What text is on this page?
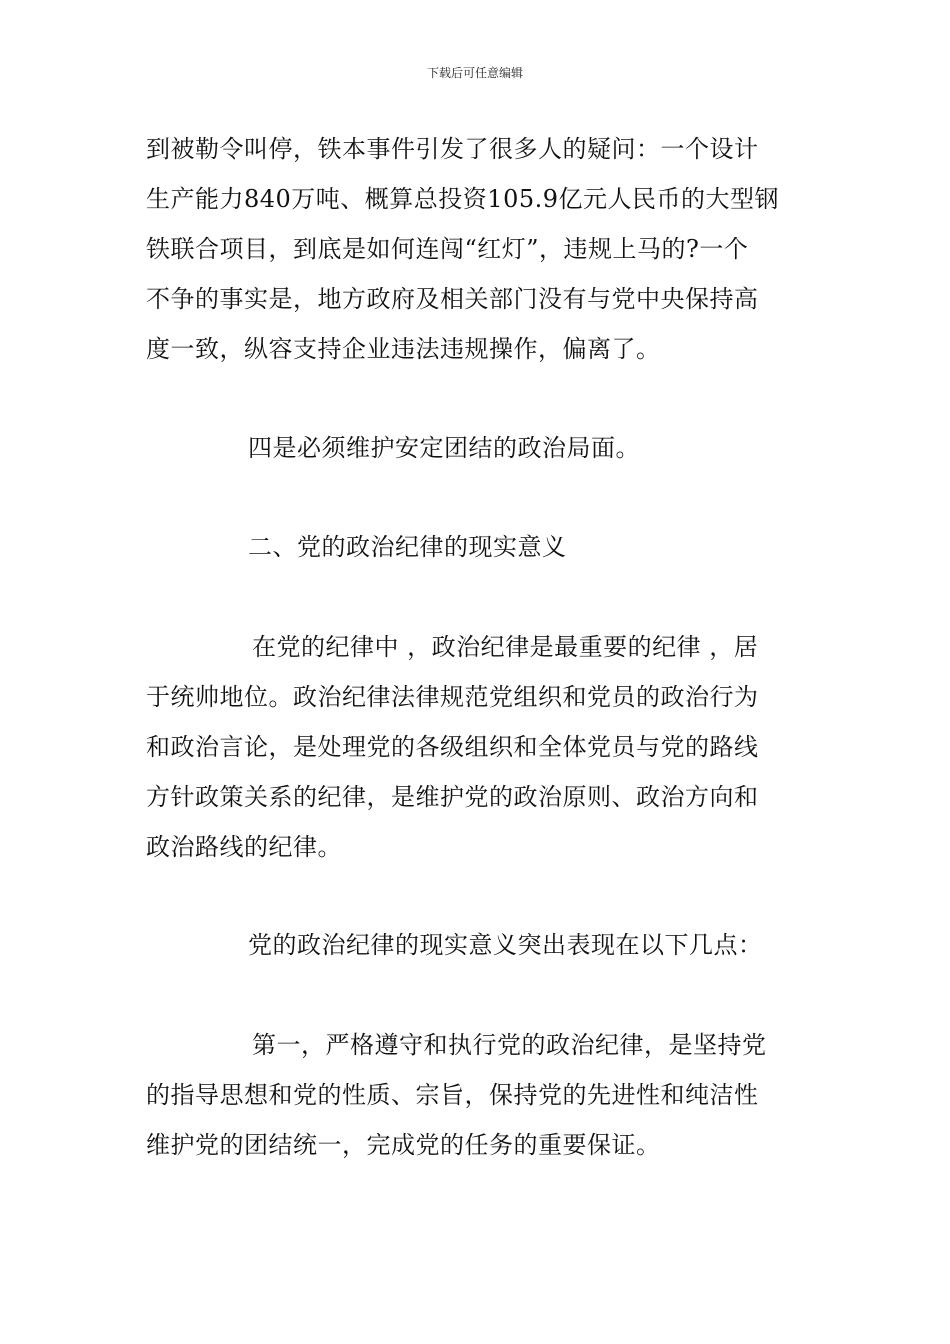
下载后可任意编辑
到被勒令叫停，铁本事件引发了很多人的疑问：一个设计
生产能力840万吨、概算总投资105.9亿元人民币的大型钢
铁联合项目，到底是如何连闯“红灯”，违规上马的?一个
不争的事实是，地方政府及相关部门没有与党中央保持高
度一致，纵容支持企业违法违规操作，偏离了。
四是必须维护安定团结的政治局面。
二、党的政治纪律的现实意义
在党的纪律中 ，政治纪律是最重要的纪律 ，居
于统帅地位。政治纪律法律规范党组织和党员的政治行为
和政治言论，是处理党的各级组织和全体党员与党的路线
方针政策关系的纪律，是维护党的政治原则、政治方向和
政治路线的纪律。
党的政治纪律的现实意义突出表现在以下几点：
第一，严格遵守和执行党的政治纪律，是坚持党
的指导思想和党的性质、宗旨，保持党的先进性和纯洁性
维护党的团结统一，完成党的任务的重要保证。
